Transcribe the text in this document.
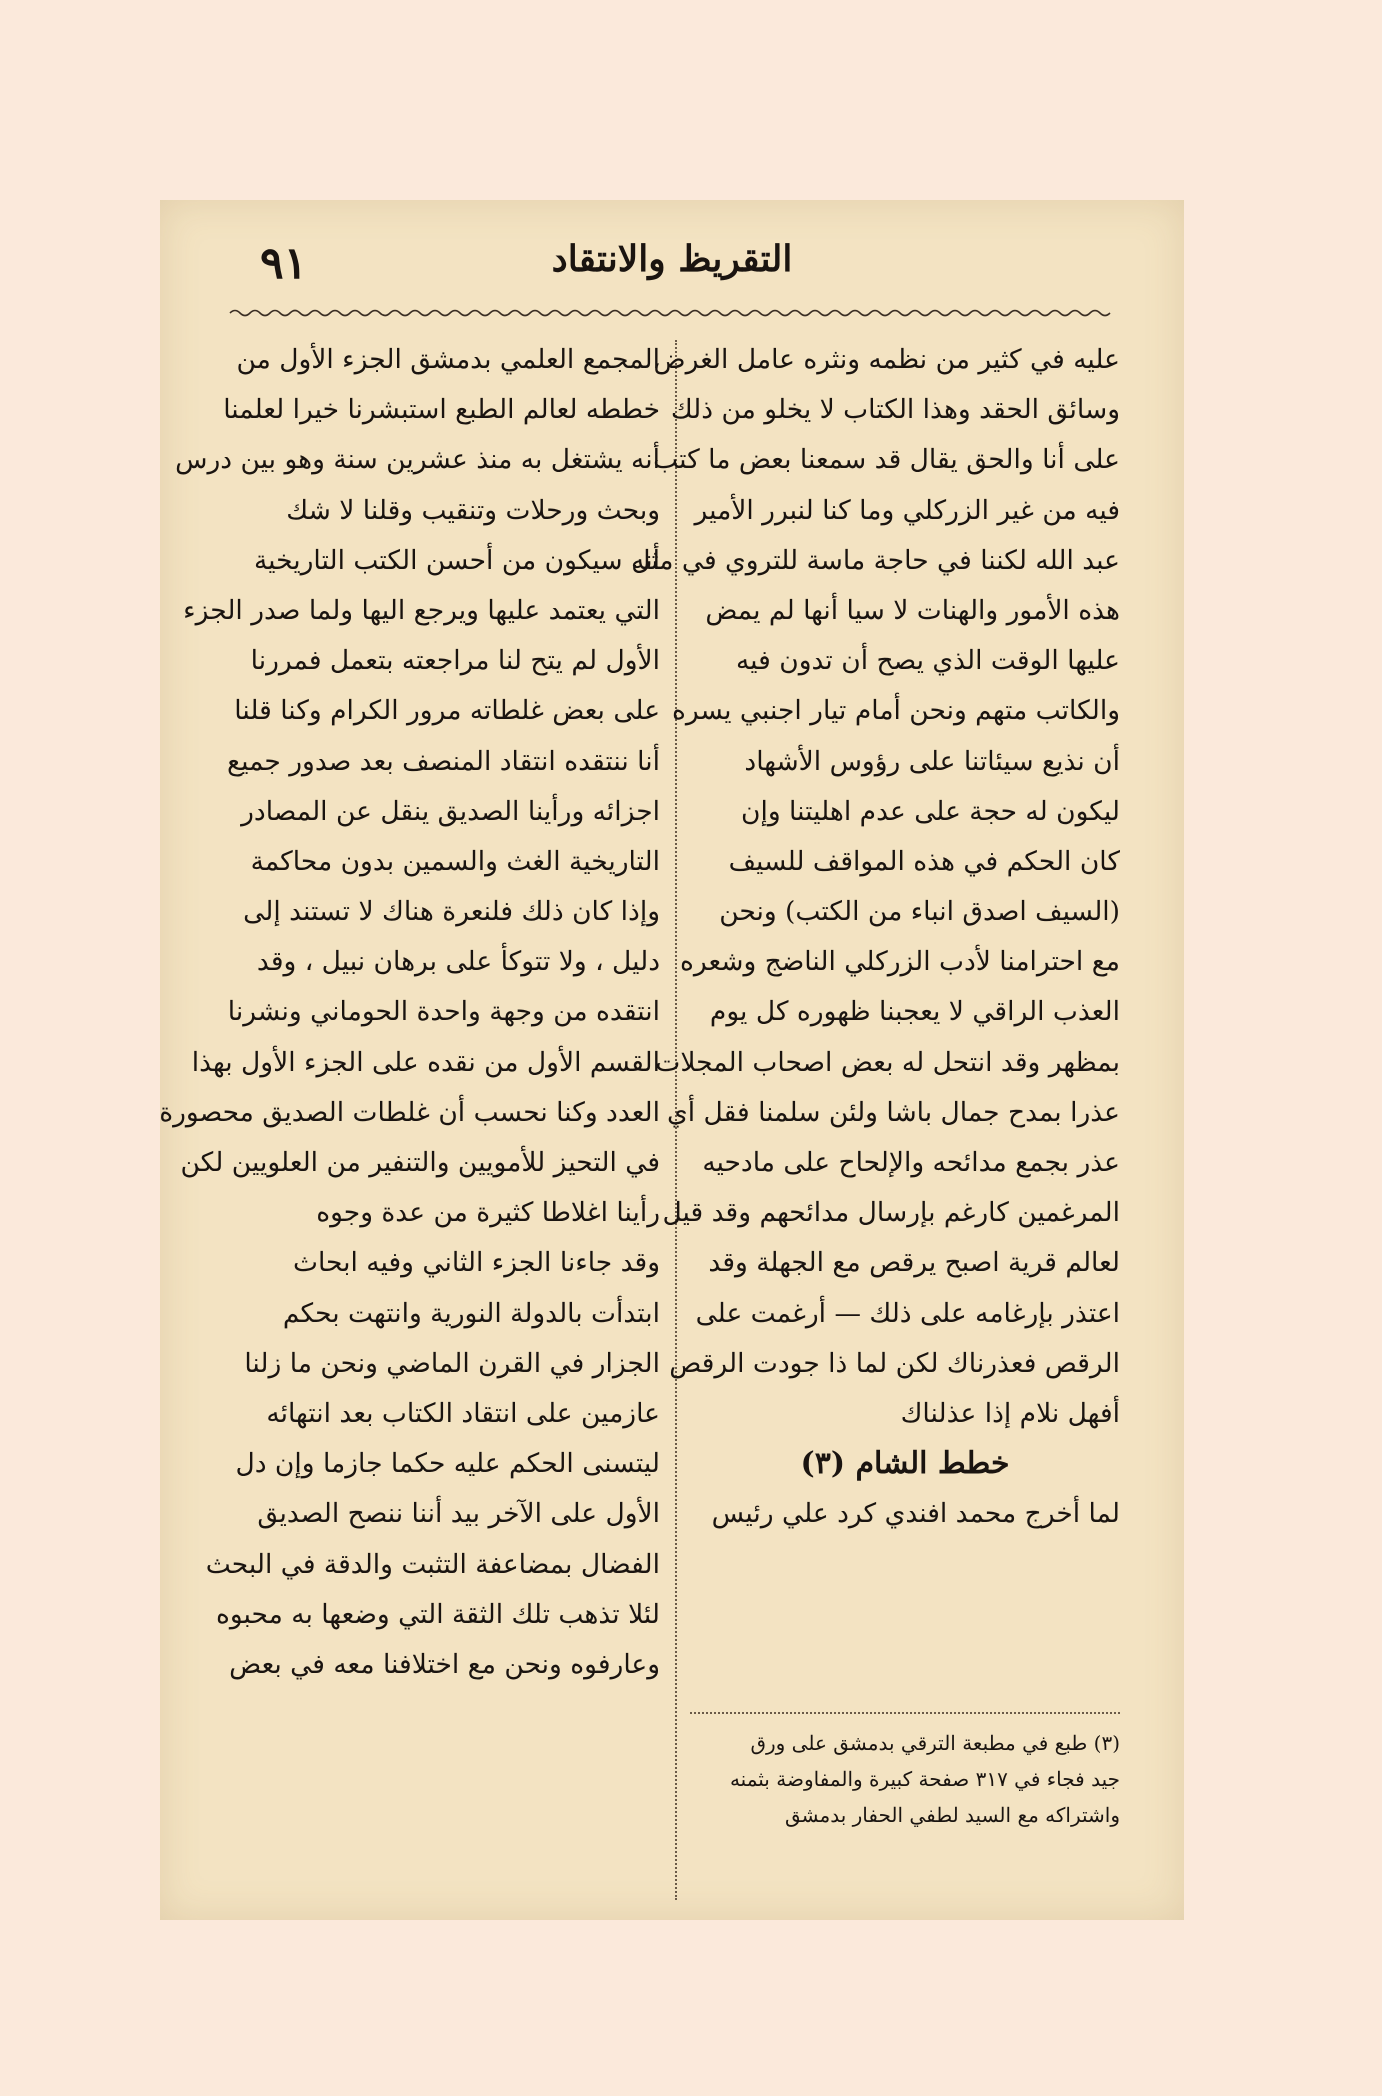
٩١	التقريظ والانتقاد
عليه في كثير من نظمه ونثره عامل الغرض
وسائق الحقد وهذا الكتاب لا يخلو من ذلك
على أنا والحق يقال قد سمعنا بعض ما كتب
فيه من غير الزركلي وما كنا لنبرر الأمير
عبد الله لكننا في حاجة ماسة للتروي في مثل
هذه الأمور والهنات لا سيا أنها لم يمض
عليها الوقت الذي يصح أن تدون فيه
والكاتب متهم ونحن أمام تيار اجنبي يسره
أن نذيع سيئاتنا على رؤوس الأشهاد
ليكون له حجة على عدم اهليتنا وإن
كان الحكم في هذه المواقف للسيف
(السيف اصدق انباء من الكتب) ونحن
مع احترامنا لأدب الزركلي الناضج وشعره
العذب الراقي لا يعجبنا ظهوره كل يوم
بمظهر وقد انتحل له بعض اصحاب المجلات
عذرا بمدح جمال باشا ولئن سلمنا فقل أي
عذر بجمع مدائحه والإلحاح على مادحيه
المرغمين كارغم بإرسال مدائحهم وقد قيل
لعالم قرية اصبح يرقص مع الجهلة وقد
اعتذر بإرغامه على ذلك — أرغمت على
الرقص فعذرناك لكن لما ذا جودت الرقص
أفهل نلام إذا عذلناك
خطط الشام (٣)
لما أخرج محمد افندي كرد علي رئيس
المجمع العلمي بدمشق الجزء الأول من
خططه لعالم الطبع استبشرنا خيرا لعلمنا
أنه يشتغل به منذ عشرين سنة وهو بين درس
وبحث ورحلات وتنقيب وقلنا لا شك
أنه سيكون من أحسن الكتب التاريخية
التي يعتمد عليها ويرجع اليها ولما صدر الجزء
الأول لم يتح لنا مراجعته بتعمل فمررنا
على بعض غلطاته مرور الكرام وكنا قلنا
أنا ننتقده انتقاد المنصف بعد صدور جميع
اجزائه ورأينا الصديق ينقل عن المصادر
التاريخية الغث والسمين بدون محاكمة
وإذا كان ذلك فلنعرة هناك لا تستند إلى
دليل ، ولا تتوكأ على برهان نبيل ، وقد
انتقده من وجهة واحدة الحوماني ونشرنا
القسم الأول من نقده على الجزء الأول بهذا
العدد وكنا نحسب أن غلطات الصديق محصورة
في التحيز للأمويين والتنفير من العلويين لكن
رأينا اغلاطا كثيرة من عدة وجوه
وقد جاءنا الجزء الثاني وفيه ابحاث
ابتدأت بالدولة النورية وانتهت بحكم
الجزار في القرن الماضي ونحن ما زلنا
عازمين على انتقاد الكتاب بعد انتهائه
ليتسنى الحكم عليه حكما جازما وإن دل
الأول على الآخر بيد أننا ننصح الصديق
الفضال بمضاعفة التثبت والدقة في البحث
لئلا تذهب تلك الثقة التي وضعها به محبوه
وعارفوه ونحن مع اختلافنا معه في بعض
(٣) طبع في مطبعة الترقي بدمشق على ورق
جيد فجاء في ٣١٧ صفحة كبيرة والمفاوضة بثمنه
واشتراكه مع السيد لطفي الحفار بدمشق
